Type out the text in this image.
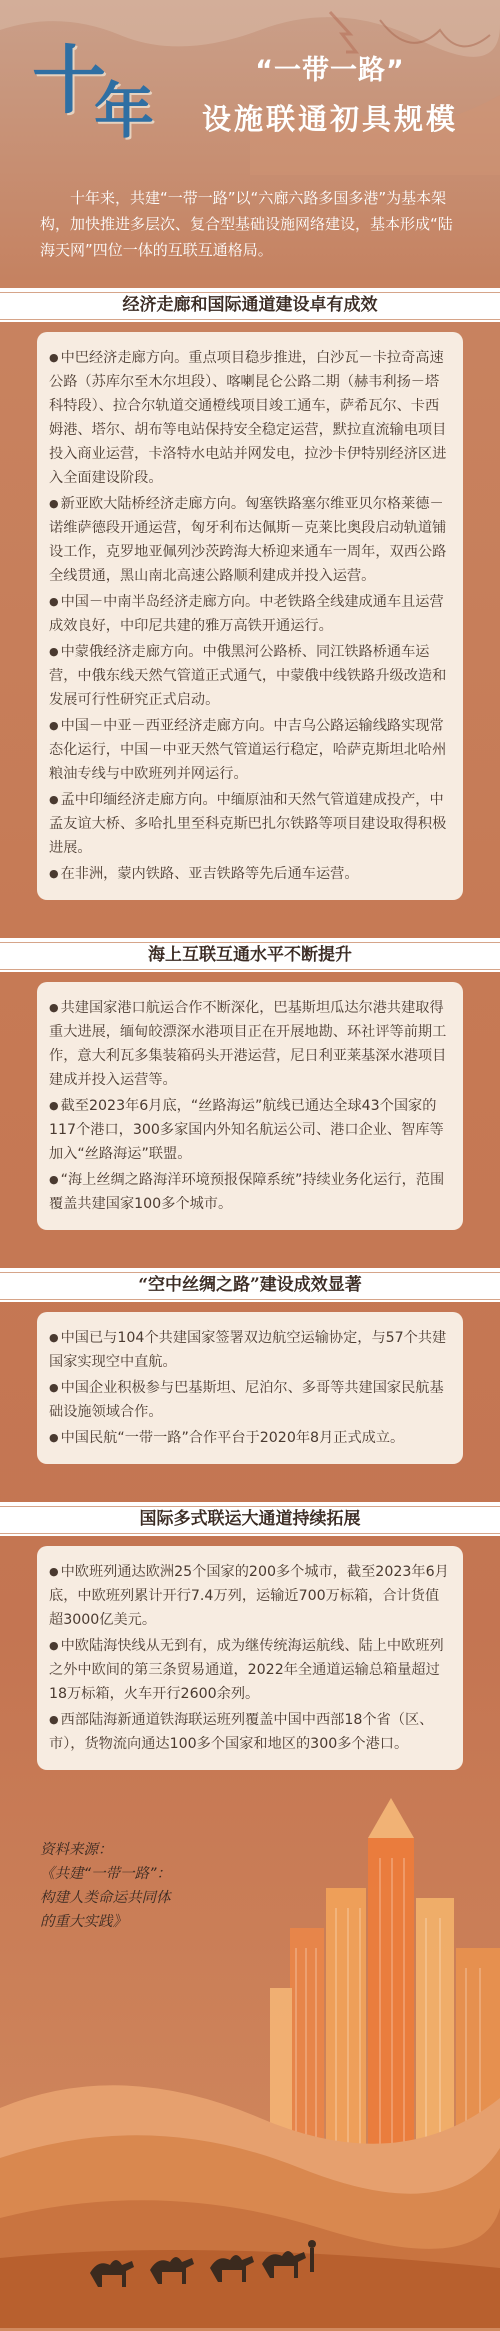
十
年
“一带一路”
设施联通初具规模
十年来，共建“一带一路”以“六廊六路多国多港”为基本架构，加快推进多层次、复合型基础设施网络建设，基本形成“陆海天网”四位一体的互联互通格局。
经济走廊和国际通道建设卓有成效

● 中巴经济走廊方向。重点项目稳步推进，白沙瓦－卡拉奇高速公路（苏库尔至木尔坦段）、喀喇昆仑公路二期（赫韦利扬－塔科特段）、拉合尔轨道交通橙线项目竣工通车，萨希瓦尔、卡西姆港、塔尔、胡布等电站保持安全稳定运营，默拉直流输电项目投入商业运营，卡洛特水电站并网发电，拉沙卡伊特别经济区进入全面建设阶段。

● 新亚欧大陆桥经济走廊方向。匈塞铁路塞尔维亚贝尔格莱德－诺维萨德段开通运营，匈牙利布达佩斯－克莱比奥段启动轨道铺设工作，克罗地亚佩列沙茨跨海大桥迎来通车一周年，双西公路全线贯通，黑山南北高速公路顺利建成并投入运营。

● 中国－中南半岛经济走廊方向。中老铁路全线建成通车且运营成效良好，中印尼共建的雅万高铁开通运行。

● 中蒙俄经济走廊方向。中俄黑河公路桥、同江铁路桥通车运营，中俄东线天然气管道正式通气，中蒙俄中线铁路升级改造和发展可行性研究正式启动。

● 中国－中亚－西亚经济走廊方向。中吉乌公路运输线路实现常态化运行，中国－中亚天然气管道运行稳定，哈萨克斯坦北哈州粮油专线与中欧班列并网运行。

● 孟中印缅经济走廊方向。中缅原油和天然气管道建成投产，中孟友谊大桥、多哈扎里至科克斯巴扎尔铁路等项目建设取得积极进展。

● 在非洲，蒙内铁路、亚吉铁路等先后通车运营。

海上互联互通水平不断提升

● 共建国家港口航运合作不断深化，巴基斯坦瓜达尔港共建取得重大进展，缅甸皎漂深水港项目正在开展地勘、环社评等前期工作，意大利瓦多集装箱码头开港运营，尼日利亚莱基深水港项目建成并投入运营等。

● 截至2023年6月底，“丝路海运”航线已通达全球43个国家的117个港口，300多家国内外知名航运公司、港口企业、智库等加入“丝路海运”联盟。

● “海上丝绸之路海洋环境预报保障系统”持续业务化运行，范围覆盖共建国家100多个城市。

“空中丝绸之路”建设成效显著

● 中国已与104个共建国家签署双边航空运输协定，与57个共建国家实现空中直航。

● 中国企业积极参与巴基斯坦、尼泊尔、多哥等共建国家民航基础设施领域合作。

● 中国民航“一带一路”合作平台于2020年8月正式成立。

国际多式联运大通道持续拓展

● 中欧班列通达欧洲25个国家的200多个城市，截至2023年6月底，中欧班列累计开行7.4万列，运输近700万标箱，合计货值超3000亿美元。

● 中欧陆海快线从无到有，成为继传统海运航线、陆上中欧班列之外中欧间的第三条贸易通道，2022年全通道运输总箱量超过18万标箱，火车开行2600余列。

● 西部陆海新通道铁海联运班列覆盖中国中西部18个省（区、市），货物流向通达100多个国家和地区的300多个港口。

资料来源：
《共建“一带一路”：构建人类命运共同体的重大实践》
